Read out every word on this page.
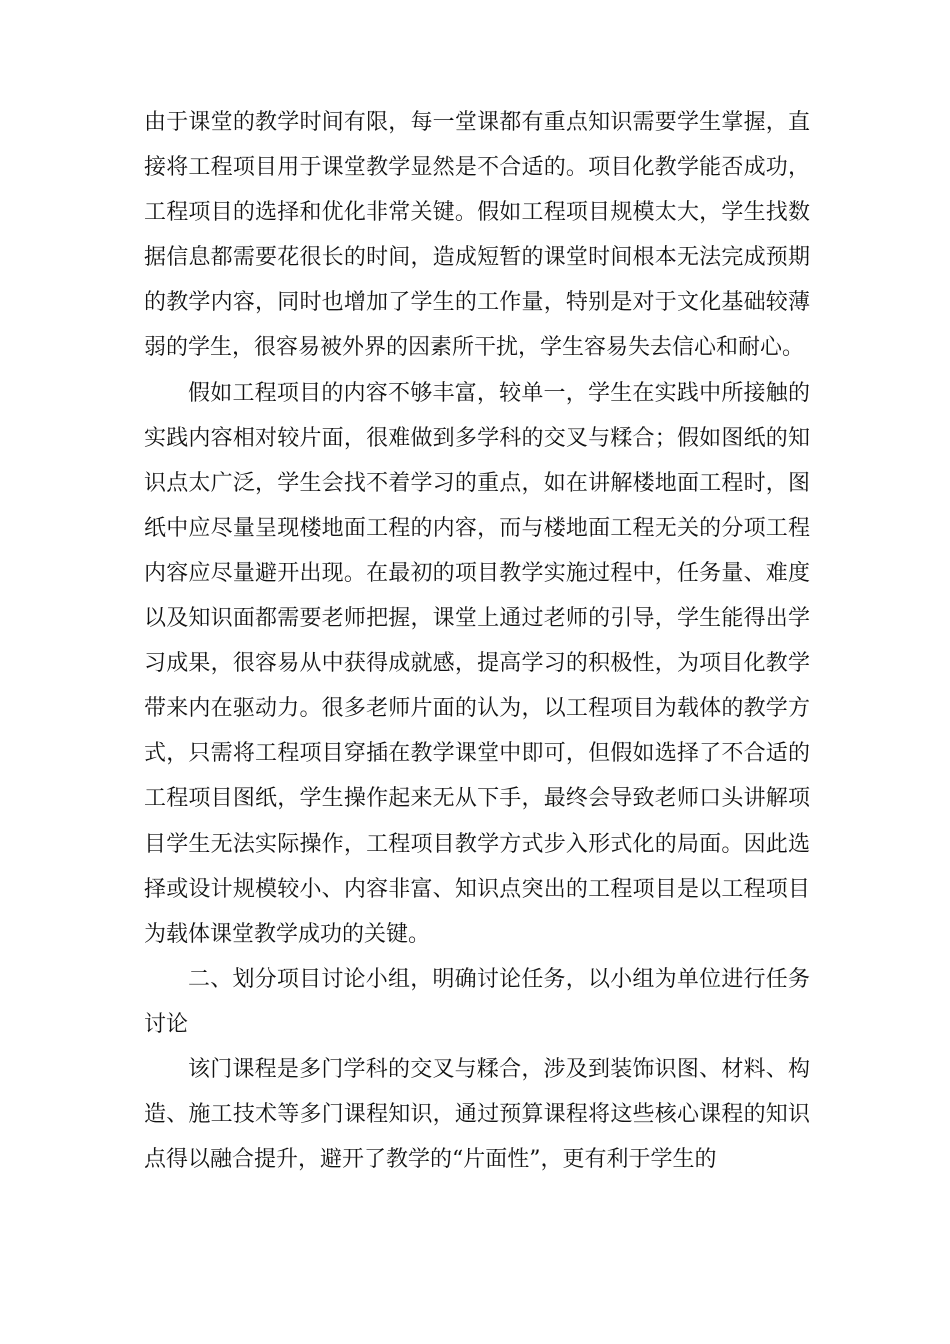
由于课堂的教学时间有限，每一堂课都有重点知识需要学生掌握，直接将工程项目用于课堂教学显然是不合适的。项目化教学能否成功，工程项目的选择和优化非常关键。假如工程项目规模太大，学生找数据信息都需要花很长的时间，造成短暂的课堂时间根本无法完成预期的教学内容，同时也增加了学生的工作量，特别是对于文化基础较薄弱的学生，很容易被外界的因素所干扰，学生容易失去信心和耐心。

假如工程项目的内容不够丰富，较单一，学生在实践中所接触的实践内容相对较片面，很难做到多学科的交叉与糅合；假如图纸的知识点太广泛，学生会找不着学习的重点，如在讲解楼地面工程时，图纸中应尽量呈现楼地面工程的内容，而与楼地面工程无关的分项工程内容应尽量避开出现。在最初的项目教学实施过程中，任务量、难度以及知识面都需要老师把握，课堂上通过老师的引导，学生能得出学习成果，很容易从中获得成就感，提高学习的积极性，为项目化教学带来内在驱动力。很多老师片面的认为，以工程项目为载体的教学方式，只需将工程项目穿插在教学课堂中即可，但假如选择了不合适的工程项目图纸，学生操作起来无从下手，最终会导致老师口头讲解项目学生无法实际操作，工程项目教学方式步入形式化的局面。因此选择或设计规模较小、内容非富、知识点突出的工程项目是以工程项目为载体课堂教学成功的关键。

二、划分项目讨论小组，明确讨论任务，以小组为单位进行任务讨论

该门课程是多门学科的交叉与糅合，涉及到装饰识图、材料、构造、施工技术等多门课程知识，通过预算课程将这些核心课程的知识点得以融合提升，避开了教学的“片面性”，更有利于学生的
